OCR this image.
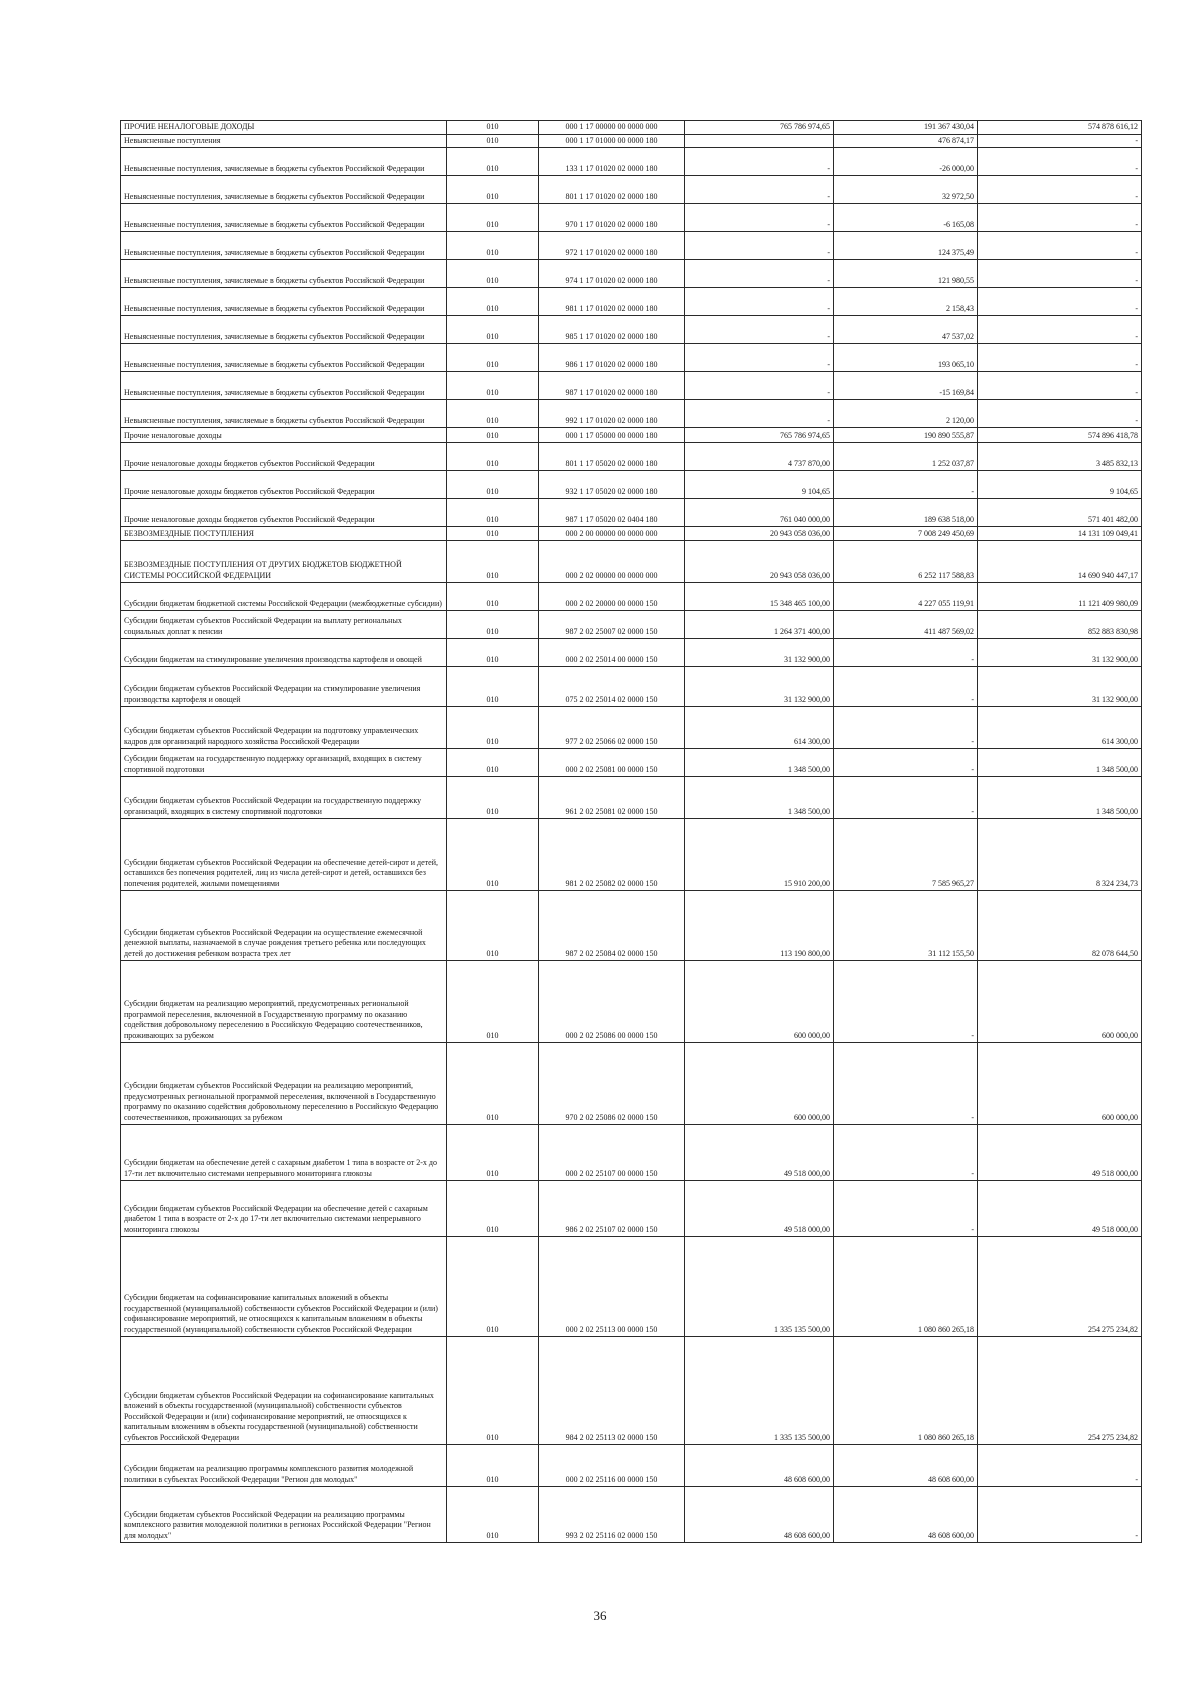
ПРОЧИЕ НЕНАЛОГОВЫЕ ДОХОДЫ	010	000 1 17 00000 00 0000 000	765 786 974,65	191 367 430,04	574 878 616,12
Невыясненные поступления	010	000 1 17 01000 00 0000 180		476 874,17	-
Невыясненные поступления, зачисляемые в бюджеты субъектов Российской Федерации	010	133 1 17 01020 02 0000 180	-	-26 000,00	-
Невыясненные поступления, зачисляемые в бюджеты субъектов Российской Федерации	010	801 1 17 01020 02 0000 180	-	32 972,50	-
Невыясненные поступления, зачисляемые в бюджеты субъектов Российской Федерации	010	970 1 17 01020 02 0000 180	-	-6 165,08	-
Невыясненные поступления, зачисляемые в бюджеты субъектов Российской Федерации	010	972 1 17 01020 02 0000 180	-	124 375,49	-
Невыясненные поступления, зачисляемые в бюджеты субъектов Российской Федерации	010	974 1 17 01020 02 0000 180	-	121 980,55	-
Невыясненные поступления, зачисляемые в бюджеты субъектов Российской Федерации	010	981 1 17 01020 02 0000 180	-	2 158,43	-
Невыясненные поступления, зачисляемые в бюджеты субъектов Российской Федерации	010	985 1 17 01020 02 0000 180	-	47 537,02	-
Невыясненные поступления, зачисляемые в бюджеты субъектов Российской Федерации	010	986 1 17 01020 02 0000 180	-	193 065,10	-
Невыясненные поступления, зачисляемые в бюджеты субъектов Российской Федерации	010	987 1 17 01020 02 0000 180	-	-15 169,84	-
Невыясненные поступления, зачисляемые в бюджеты субъектов Российской Федерации	010	992 1 17 01020 02 0000 180	-	2 120,00	-
Прочие неналоговые доходы	010	000 1 17 05000 00 0000 180	765 786 974,65	190 890 555,87	574 896 418,78
Прочие неналоговые доходы бюджетов субъектов Российской Федерации	010	801 1 17 05020 02 0000 180	4 737 870,00	1 252 037,87	3 485 832,13
Прочие неналоговые доходы бюджетов субъектов Российской Федерации	010	932 1 17 05020 02 0000 180	9 104,65	-	9 104,65
Прочие неналоговые доходы бюджетов субъектов Российской Федерации	010	987 1 17 05020 02 0404 180	761 040 000,00	189 638 518,00	571 401 482,00
БЕЗВОЗМЕЗДНЫЕ ПОСТУПЛЕНИЯ	010	000 2 00 00000 00 0000 000	20 943 058 036,00	7 008 249 450,69	14 131 109 049,41
БЕЗВОЗМЕЗДНЫЕ ПОСТУПЛЕНИЯ ОТ ДРУГИХ БЮДЖЕТОВ БЮДЖЕТНОЙ СИСТЕМЫ РОССИЙСКОЙ ФЕДЕРАЦИИ	010	000 2 02 00000 00 0000 000	20 943 058 036,00	6 252 117 588,83	14 690 940 447,17
Субсидии бюджетам бюджетной системы Российской Федерации (межбюджетные субсидии)	010	000 2 02 20000 00 0000 150	15 348 465 100,00	4 227 055 119,91	11 121 409 980,09
Субсидии бюджетам субъектов Российской Федерации на выплату региональных социальных доплат к пенсии	010	987 2 02 25007 02 0000 150	1 264 371 400,00	411 487 569,02	852 883 830,98
Субсидии бюджетам на стимулирование увеличения производства картофеля и овощей	010	000 2 02 25014 00 0000 150	31 132 900,00	-	31 132 900,00
Субсидии бюджетам субъектов Российской Федерации на стимулирование увеличения производства картофеля и овощей	010	075 2 02 25014 02 0000 150	31 132 900,00	-	31 132 900,00
Субсидии бюджетам субъектов Российской Федерации на подготовку управленческих кадров для организаций народного хозяйства Российской Федерации	010	977 2 02 25066 02 0000 150	614 300,00	-	614 300,00
Субсидии бюджетам на государственную поддержку организаций, входящих в систему спортивной подготовки	010	000 2 02 25081 00 0000 150	1 348 500,00	-	1 348 500,00
Субсидии бюджетам субъектов Российской Федерации на государственную поддержку организаций, входящих в систему спортивной подготовки	010	961 2 02 25081 02 0000 150	1 348 500,00	-	1 348 500,00
Субсидии бюджетам субъектов Российской Федерации на обеспечение детей-сирот и детей, оставшихся без попечения родителей, лиц из числа детей-сирот и детей, оставшихся без попечения родителей, жилыми помещениями	010	981 2 02 25082 02 0000 150	15 910 200,00	7 585 965,27	8 324 234,73
Субсидии бюджетам субъектов Российской Федерации на осуществление ежемесячной денежной выплаты, назначаемой в случае рождения третьего ребенка или последующих детей до достижения ребенком возраста трех лет	010	987 2 02 25084 02 0000 150	113 190 800,00	31 112 155,50	82 078 644,50
Субсидии бюджетам на реализацию мероприятий, предусмотренных региональной программой переселения, включенной в Государственную программу по оказанию содействия добровольному переселению в Российскую Федерацию соотечественников, проживающих за рубежом	010	000 2 02 25086 00 0000 150	600 000,00	-	600 000,00
Субсидии бюджетам субъектов Российской Федерации на реализацию мероприятий, предусмотренных региональной программой переселения, включенной в Государственную программу по оказанию содействия добровольному переселению в Российскую Федерацию соотечественников, проживающих за рубежом	010	970 2 02 25086 02 0000 150	600 000,00	-	600 000,00
Субсидии бюджетам на обеспечение детей с сахарным диабетом 1 типа в возрасте от 2-х до 17-ти лет включительно системами непрерывного мониторинга глюкозы	010	000 2 02 25107 00 0000 150	49 518 000,00	-	49 518 000,00
Субсидии бюджетам субъектов Российской Федерации на обеспечение детей с сахарным диабетом 1 типа в возрасте от 2-х до 17-ти лет включительно системами непрерывного мониторинга глюкозы	010	986 2 02 25107 02 0000 150	49 518 000,00	-	49 518 000,00
Субсидии бюджетам на софинансирование капитальных вложений в объекты государственной (муниципальной) собственности субъектов Российской Федерации и (или) софинансирование мероприятий, не относящихся к капитальным вложениям в объекты государственной (муниципальной) собственности субъектов Российской Федерации	010	000 2 02 25113 00 0000 150	1 335 135 500,00	1 080 860 265,18	254 275 234,82
Субсидии бюджетам субъектов Российской Федерации на софинансирование капитальных вложений в объекты государственной (муниципальной) собственности субъектов Российской Федерации и (или) софинансирование мероприятий, не относящихся к капитальным вложениям в объекты государственной (муниципальной) собственности субъектов Российской Федерации	010	984 2 02 25113 02 0000 150	1 335 135 500,00	1 080 860 265,18	254 275 234,82
Субсидии бюджетам на реализацию программы комплексного развития молодежной политики в субъектах Российской Федерации "Регион для молодых"	010	000 2 02 25116 00 0000 150	48 608 600,00	48 608 600,00	-
Субсидии бюджетам субъектов Российской Федерации на реализацию программы комплексного развития молодежной политики в регионах Российской Федерации "Регион для молодых"	010	993 2 02 25116 02 0000 150	48 608 600,00	48 608 600,00	-
36
